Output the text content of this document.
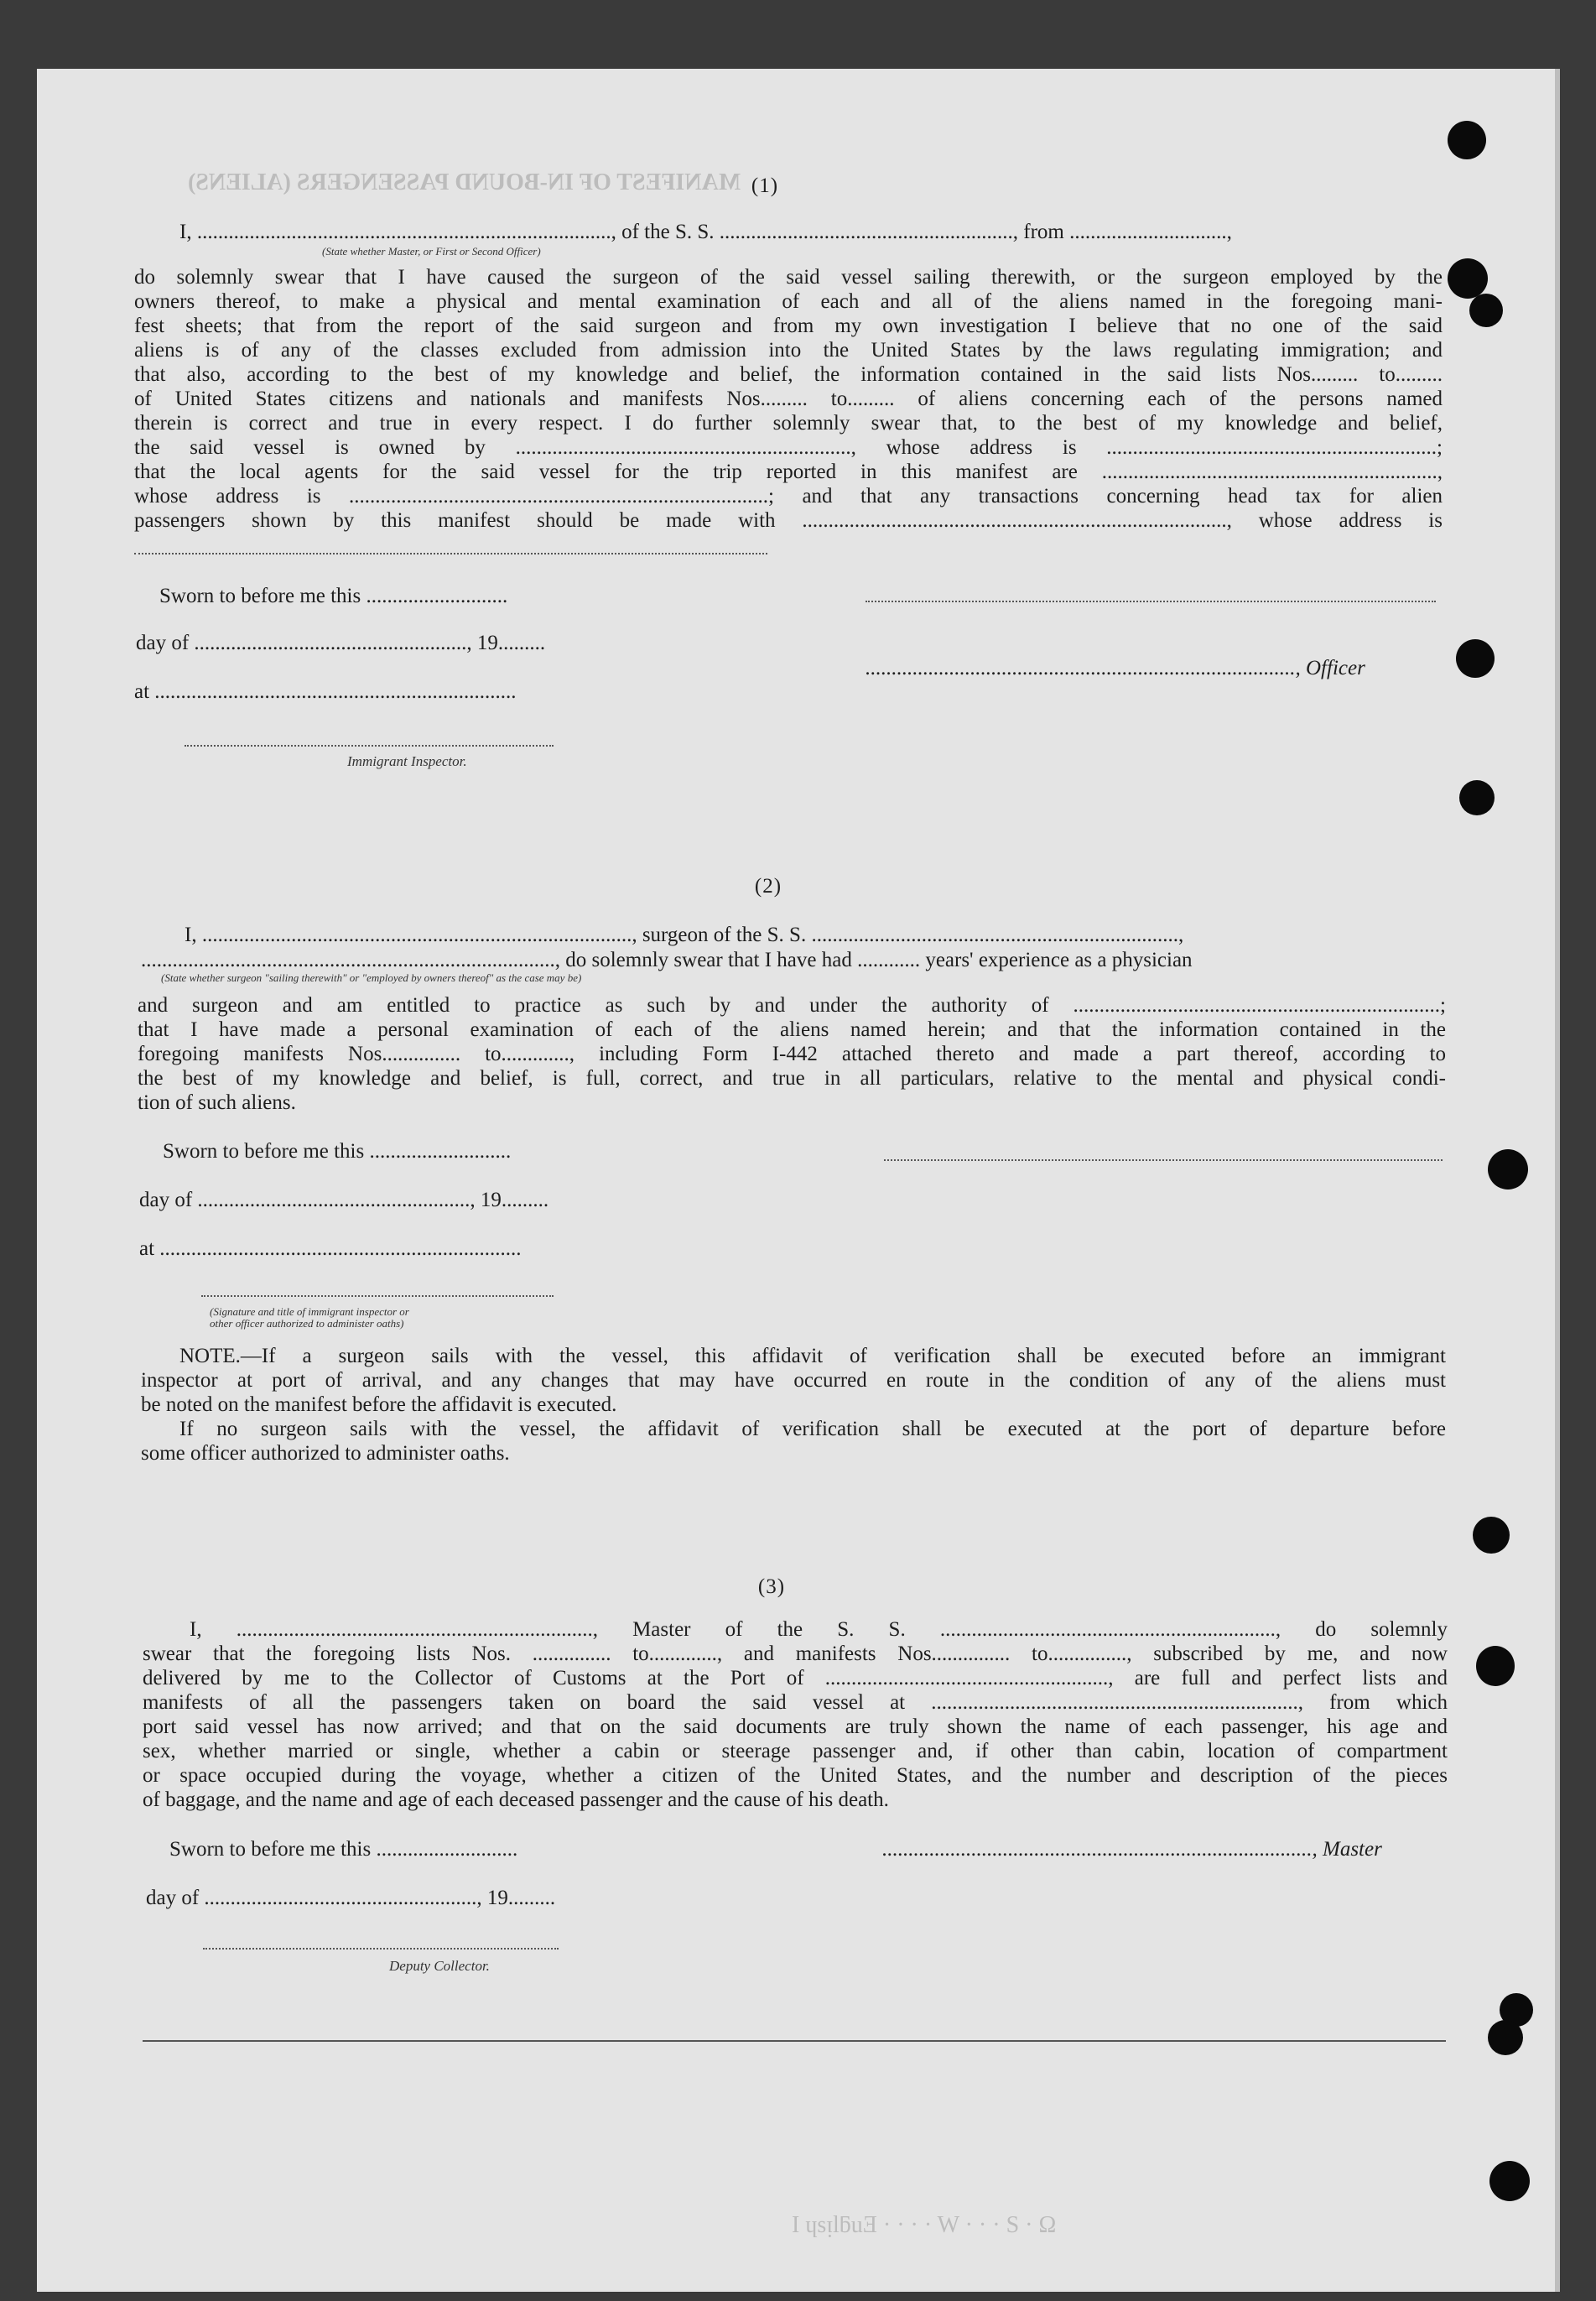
MANIFEST OF IN-BOUND PASSENGERS (ALIENS)
I ɥsᴉlƃuƎ · · · · W · · · S · Ω
(1)
I, ..............................................................................., of the S. S. ........................................................, from ..............................,
(State whether Master, or First or Second Officer)
do solemnly swear that I have caused the surgeon of the said vessel sailing therewith, or the surgeon employed by the
owners thereof, to make a physical and mental examination of each and all of the aliens named in the foregoing mani-
fest sheets; that from the report of the said surgeon and from my own investigation I believe that no one of the said
aliens is of any of the classes excluded from admission into the United States by the laws regulating immigration; and
that also, according to the best of my knowledge and belief, the information contained in the said lists Nos......... to.........
of United States citizens and nationals and manifests Nos......... to......... of aliens concerning each of the persons named
therein is correct and true in every respect. I do further solemnly swear that, to the best of my knowledge and belief,
the said vessel is owned by ................................................................, whose address is ...............................................................;
that the local agents for the said vessel for the trip reported in this manifest are ................................................................,
whose address is ................................................................................; and that any transactions concerning head tax for alien
passengers shown by this manifest should be made with ................................................................................., whose address is
Sworn to before me this ...........................
day of ...................................................., 19.........
at .....................................................................
Immigrant Inspector.
.................................................................................., Officer
(2)
I, .................................................................................., surgeon of the S. S. ......................................................................,
..............................................................................., do solemnly swear that I have had ............ years' experience as a physician
(State whether surgeon "sailing therewith" or "employed by owners thereof" as the case may be)
and surgeon and am entitled to practice as such by and under the authority of ......................................................................;
that I have made a personal examination of each of the aliens named herein; and that the information contained in the
foregoing manifests Nos............... to............., including Form I-442 attached thereto and made a part thereof, according to
the best of my knowledge and belief, is full, correct, and true in all particulars, relative to the mental and physical condi-
tion of such aliens.
Sworn to before me this ...........................
day of ...................................................., 19.........
at .....................................................................
(Signature and title of immigrant inspector or
other officer authorized to administer oaths)
NOTE.—If a surgeon sails with the vessel, this affidavit of verification shall be executed before an immigrant
inspector at port of arrival, and any changes that may have occurred en route in the condition of any of the aliens must
be noted on the manifest before the affidavit is executed.
If no surgeon sails with the vessel, the affidavit of verification shall be executed at the port of departure before
some officer authorized to administer oaths.
(3)
I, ...................................................................., Master of the S. S. ................................................................, do solemnly
swear that the foregoing lists Nos. ............... to............., and manifests Nos............... to..............., subscribed by me, and now
delivered by me to the Collector of Customs at the Port of ......................................................, are full and perfect lists and
manifests of all the passengers taken on board the said vessel at ......................................................................, from which
port said vessel has now arrived; and that on the said documents are truly shown the name of each passenger, his age and
sex, whether married or single, whether a cabin or steerage passenger and, if other than cabin, location of compartment
or space occupied during the voyage, whether a citizen of the United States, and the number and description of the pieces
of baggage, and the name and age of each deceased passenger and the cause of his death.
Sworn to before me this ...........................
day of ...................................................., 19.........
Deputy Collector.
.................................................................................., Master
